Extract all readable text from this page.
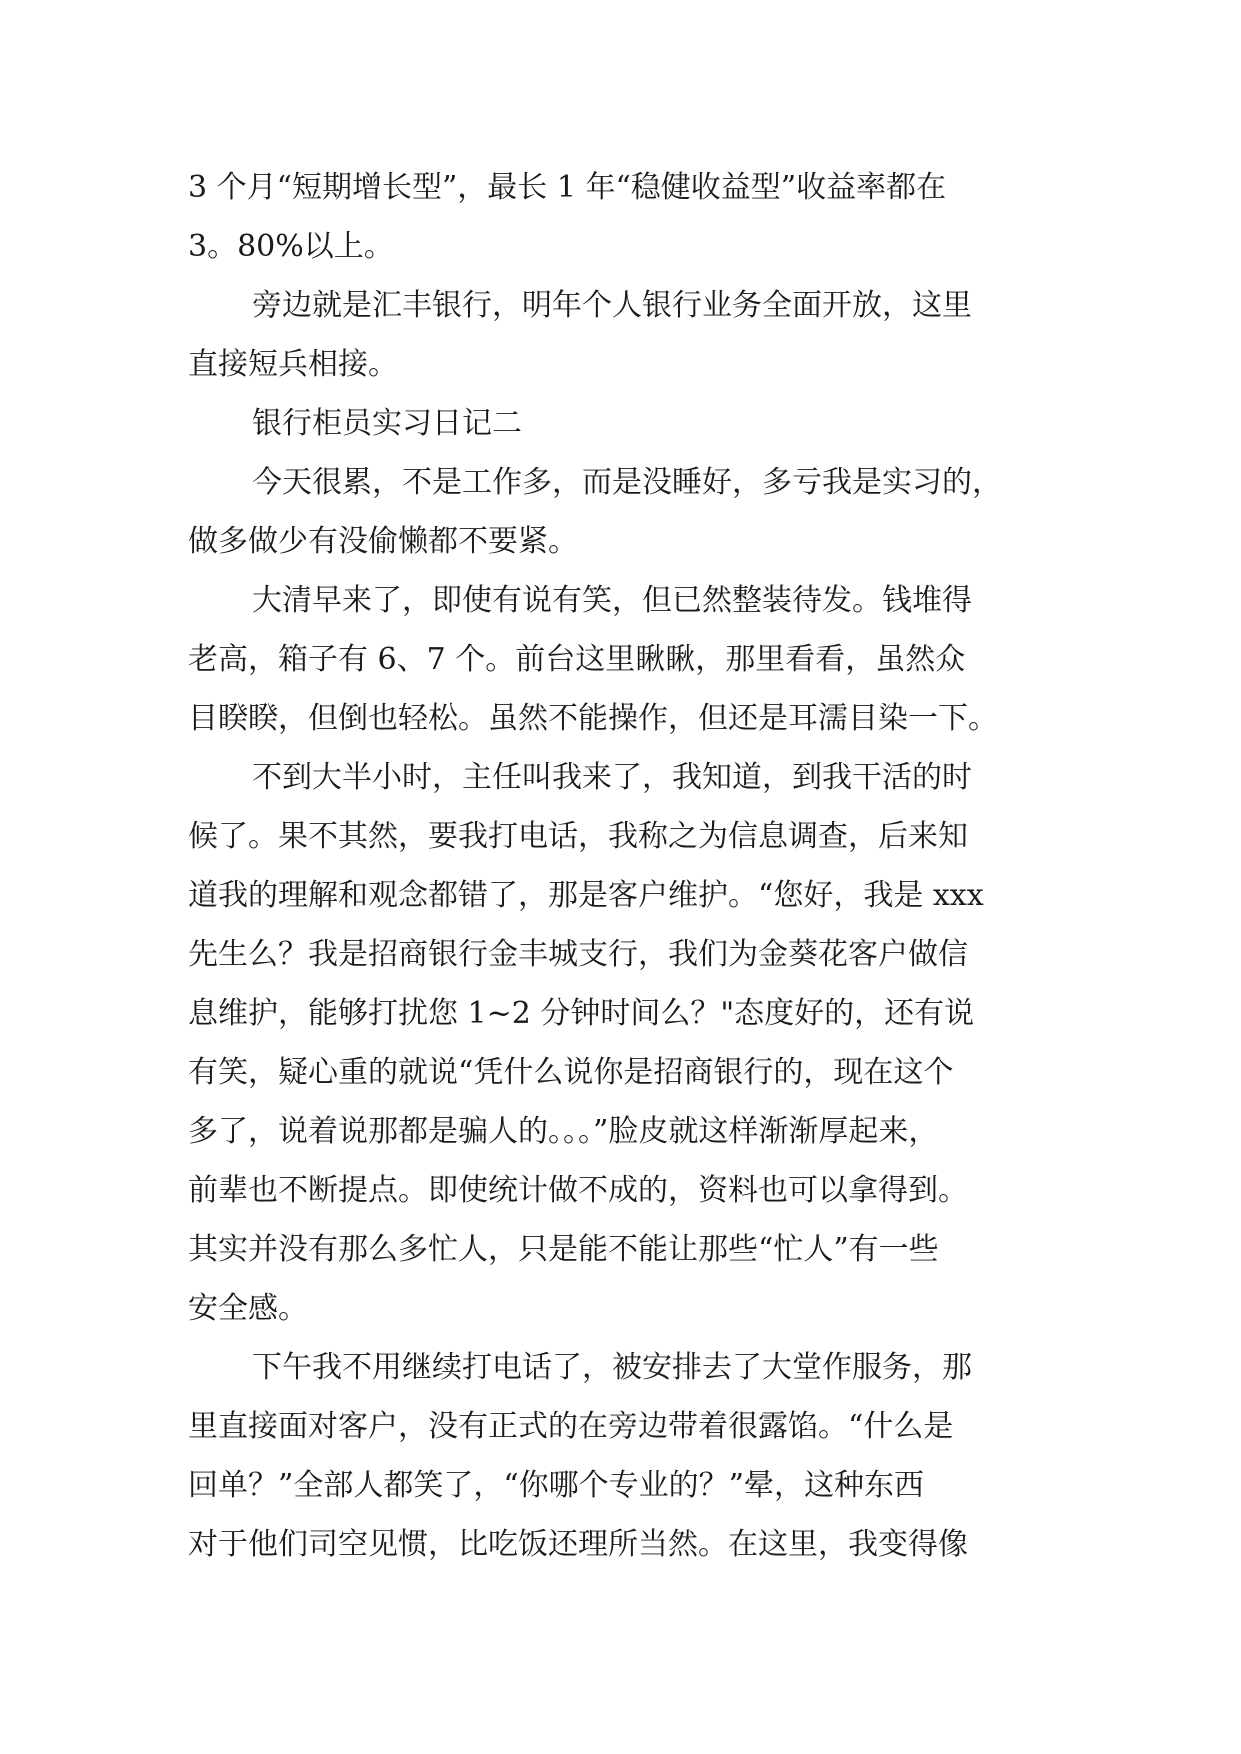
3 个月“短期增长型”，最长 1 年“稳健收益型”收益率都在
3。80%以上。
旁边就是汇丰银行，明年个人银行业务全面开放，这里
直接短兵相接。
银行柜员实习日记二
今天很累，不是工作多，而是没睡好，多亏我是实习的，
做多做少有没偷懒都不要紧。
大清早来了，即使有说有笑，但已然整装待发。钱堆得
老高，箱子有 6、7 个。前台这里瞅瞅，那里看看，虽然众
目睽睽，但倒也轻松。虽然不能操作，但还是耳濡目染一下。
不到大半小时，主任叫我来了，我知道，到我干活的时
候了。果不其然，要我打电话，我称之为信息调查，后来知
道我的理解和观念都错了，那是客户维护。“您好，我是 xxx
先生么？我是招商银行金丰城支行，我们为金葵花客户做信
息维护，能够打扰您 1~2 分钟时间么？"态度好的，还有说
有笑，疑心重的就说“凭什么说你是招商银行的，现在这个
多了，说着说那都是骗人的。。。”脸皮就这样渐渐厚起来，
前辈也不断提点。即使统计做不成的，资料也可以拿得到。
其实并没有那么多忙人，只是能不能让那些“忙人”有一些
安全感。
下午我不用继续打电话了，被安排去了大堂作服务，那
里直接面对客户，没有正式的在旁边带着很露馅。“什么是
回单？”全部人都笑了，“你哪个专业的？”晕，这种东西
对于他们司空见惯，比吃饭还理所当然。在这里，我变得像
